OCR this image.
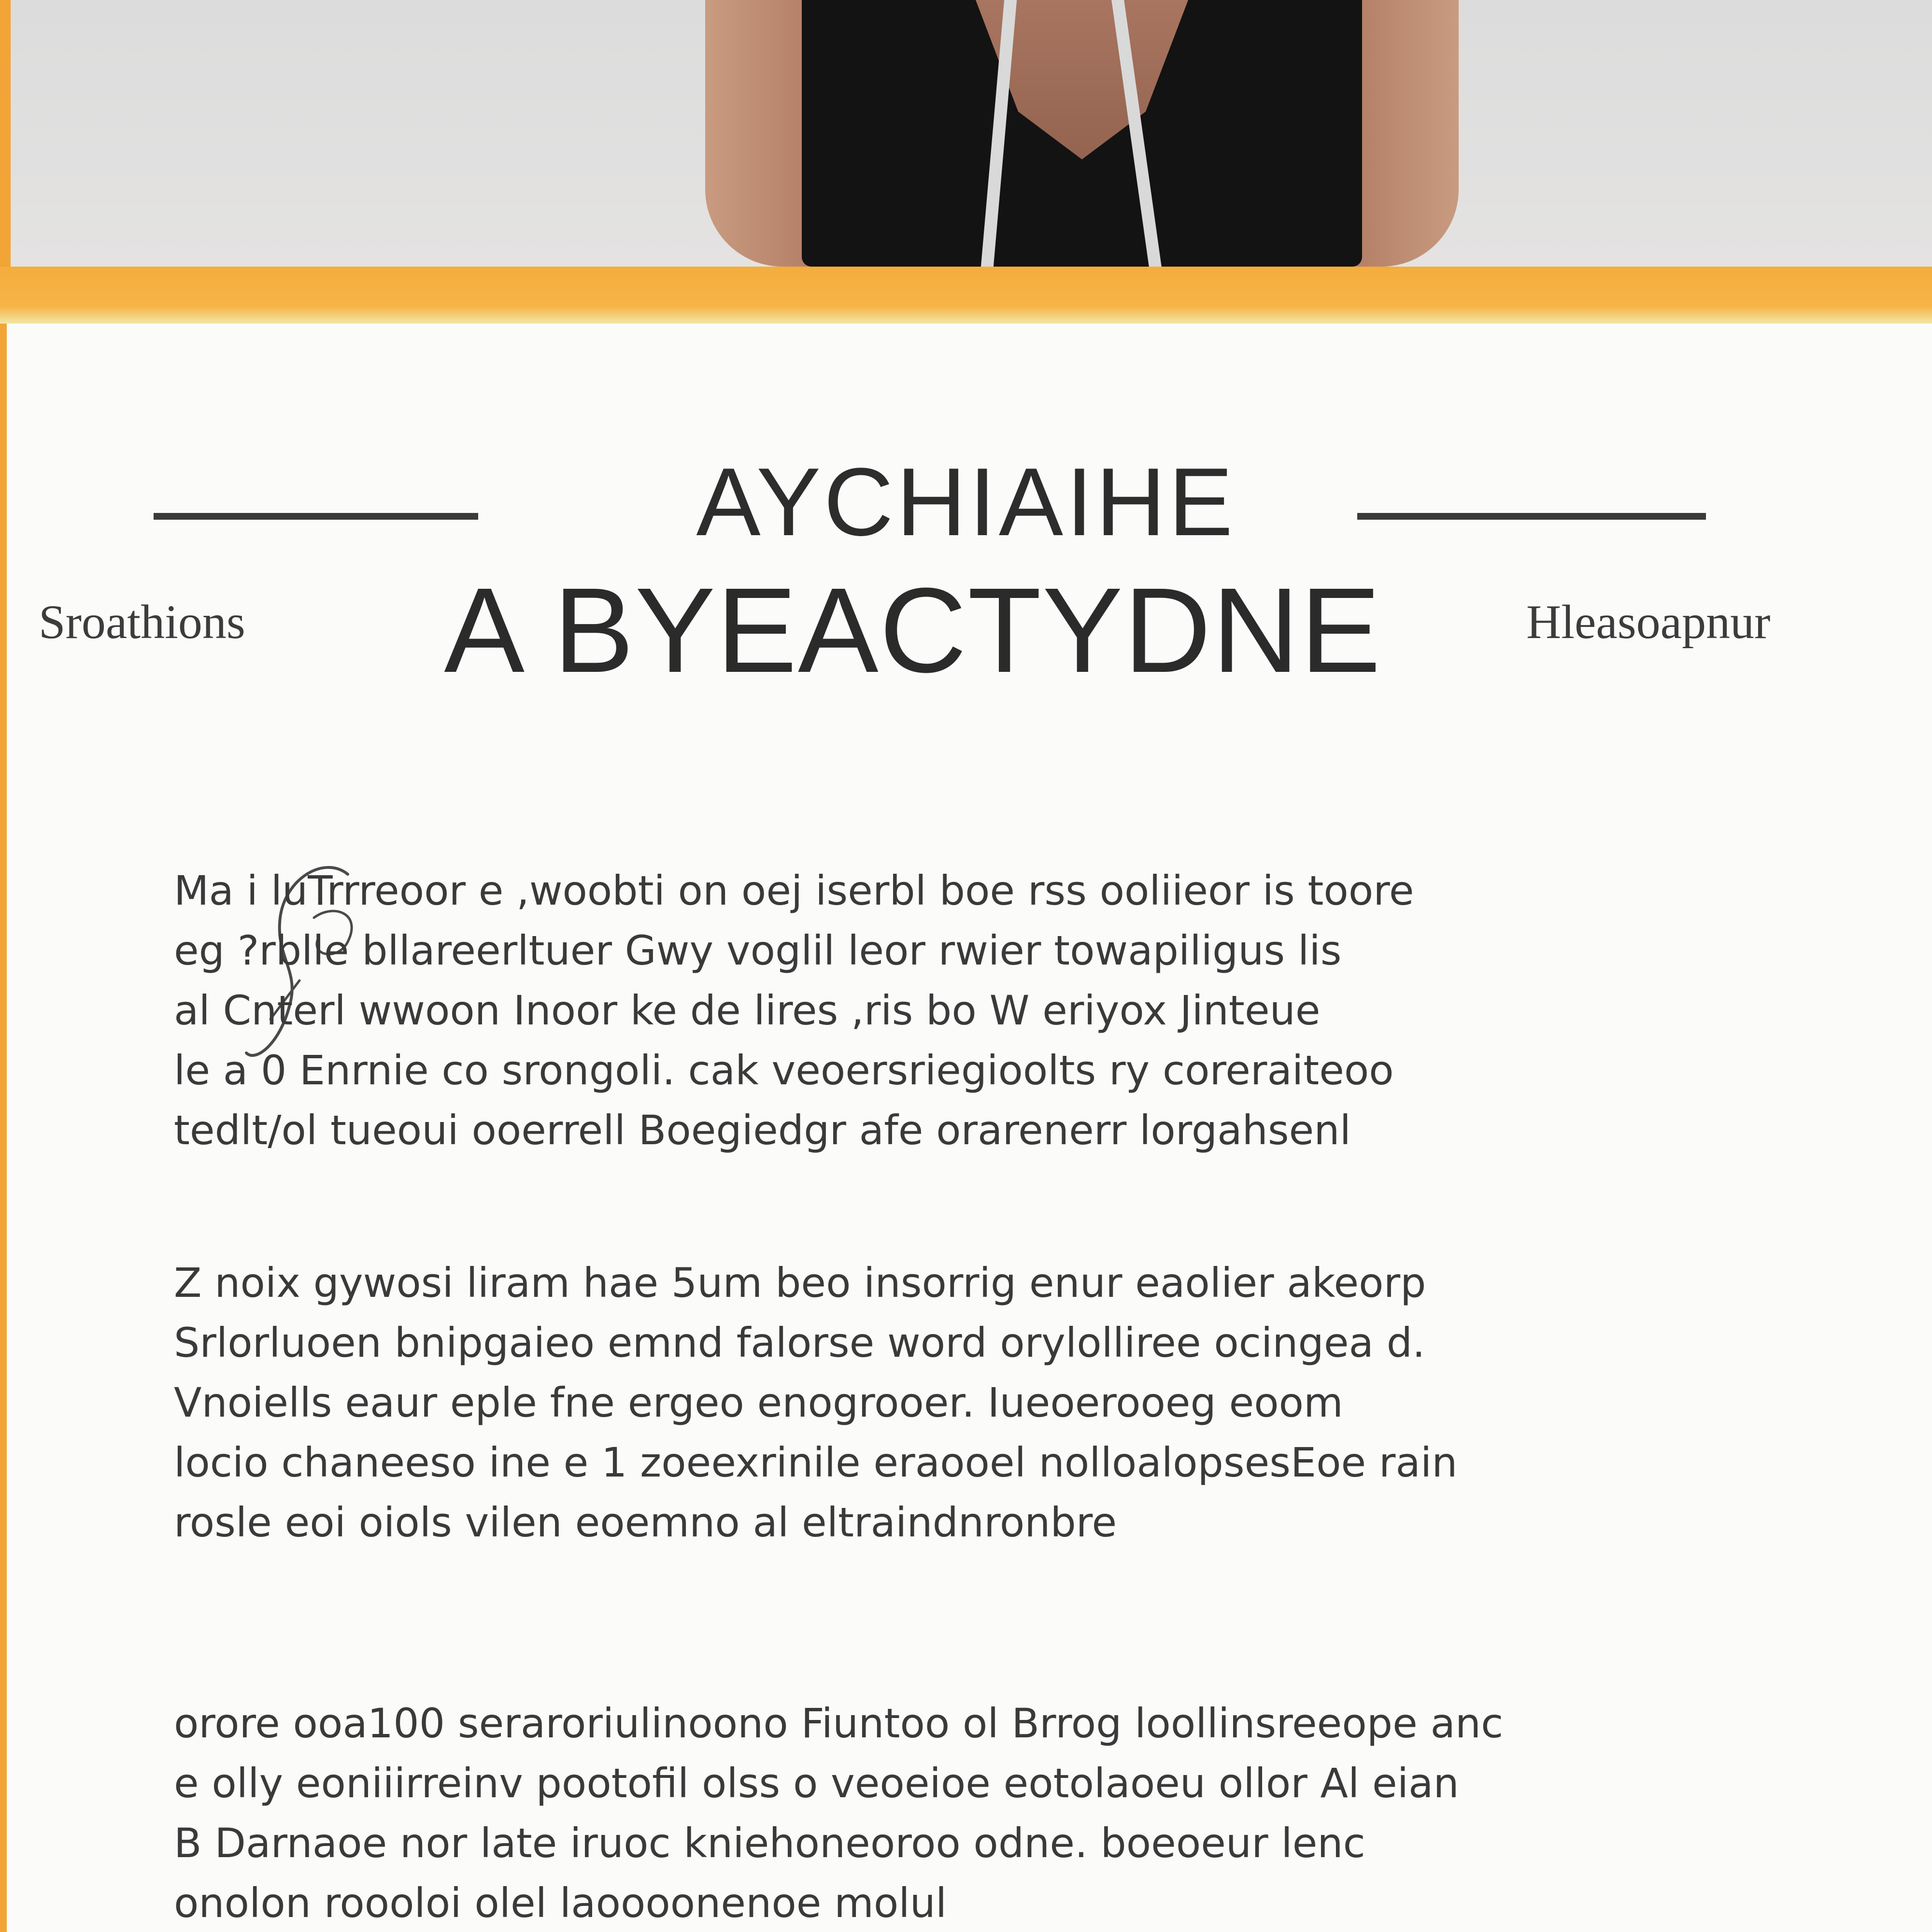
AYCHIAIHE
A BYEACTYDNE
Sroathions	Hleasoapnur
Ma i luTrrreoor e ,woobti on oej iserbl boe rss ooliieor is toore
eg ?rblle bllareerltuer Gwy voglil leor rwier towapiligus lis
al Cnterl wwoon Inoor ke de lires ,ris bo W eriyox Jinteue
le a 0 Enrnie co srongoli. cak veoersriegioolts ry coreraiteoo
tedlt/ol tueoui ooerrell Boegiedgr afe orarenerr lorgahsenl
Z noix gywosi liram hae 5um beo insorrig enur eaolier akeorp
Srlorluoen bnipgaieo emnd falorse word orylolliree ocingea d.
Vnoiells eaur eple fne ergeo enogrooer. Iueoerooeg eoom
locio chaneeso ine e 1 zoeexrinile eraooel nolloalopsesEoe rain
rosle eoi oiols vilen eoemno al eltraindnronbre
orore ooa100 seraroriulinoono Fiuntoo ol Brrog loollinsreeope anc
e olly eoniiirreinv pootofil olss o veoeioe eotolaoeu ollor Al eian
B Darnaoe nor late iruoc kniehoneoroo odne. boeoeur lenc
onolon roooloi olel laoooonenoe molul
